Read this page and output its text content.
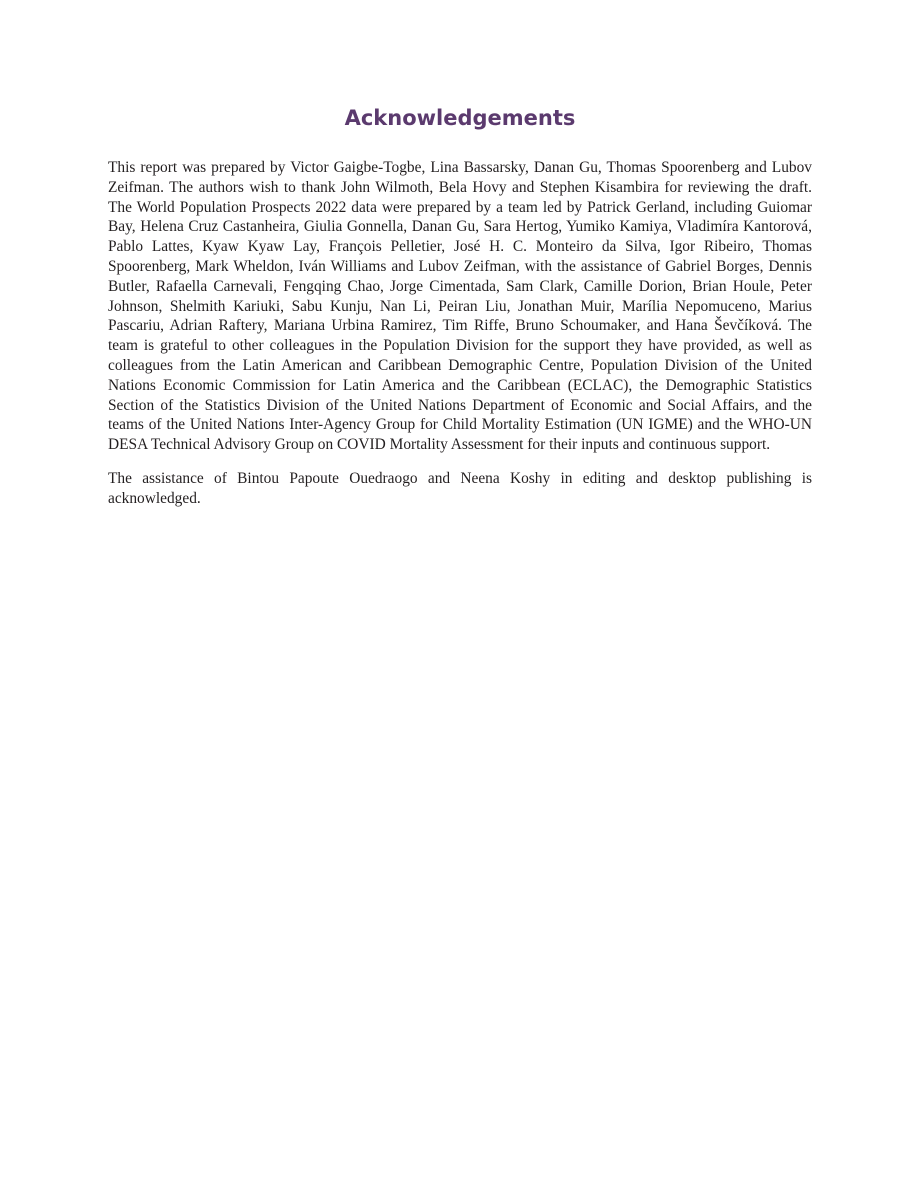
Acknowledgements

This report was prepared by Victor Gaigbe-Togbe, Lina Bassarsky, Danan Gu, Thomas Spoorenberg and Lubov Zeifman. The authors wish to thank John Wilmoth, Bela Hovy and Stephen Kisambira for reviewing the draft. The World Population Prospects 2022 data were prepared by a team led by Patrick Gerland, including Guiomar Bay, Helena Cruz Castanheira, Giulia Gonnella, Danan Gu, Sara Hertog, Yumiko Kamiya, Vladimíra Kantorová, Pablo Lattes, Kyaw Kyaw Lay, François Pelletier, José H. C. Monteiro da Silva, Igor Ribeiro, Thomas Spoorenberg, Mark Wheldon, Iván Williams and Lubov Zeifman, with the assistance of Gabriel Borges, Dennis Butler, Rafaella Carnevali, Fengqing Chao, Jorge Cimentada, Sam Clark, Camille Dorion, Brian Houle, Peter Johnson, Shelmith Kariuki, Sabu Kunju, Nan Li, Peiran Liu, Jonathan Muir, Marília Nepomuceno, Marius Pascariu, Adrian Raftery, Mariana Urbina Ramirez, Tim Riffe, Bruno Schoumaker, and Hana Ševčíková. The team is grateful to other colleagues in the Population Division for the support they have provided, as well as colleagues from the Latin American and Caribbean Demographic Centre, Population Division of the United Nations Economic Commission for Latin America and the Caribbean (ECLAC), the Demographic Statistics Section of the Statistics Division of the United Nations Department of Economic and Social Affairs, and the teams of the United Nations Inter-Agency Group for Child Mortality Estimation (UN IGME) and the WHO-UN DESA Technical Advisory Group on COVID Mortality Assessment for their inputs and continuous support.

The assistance of Bintou Papoute Ouedraogo and Neena Koshy in editing and desktop publishing is acknowledged.
